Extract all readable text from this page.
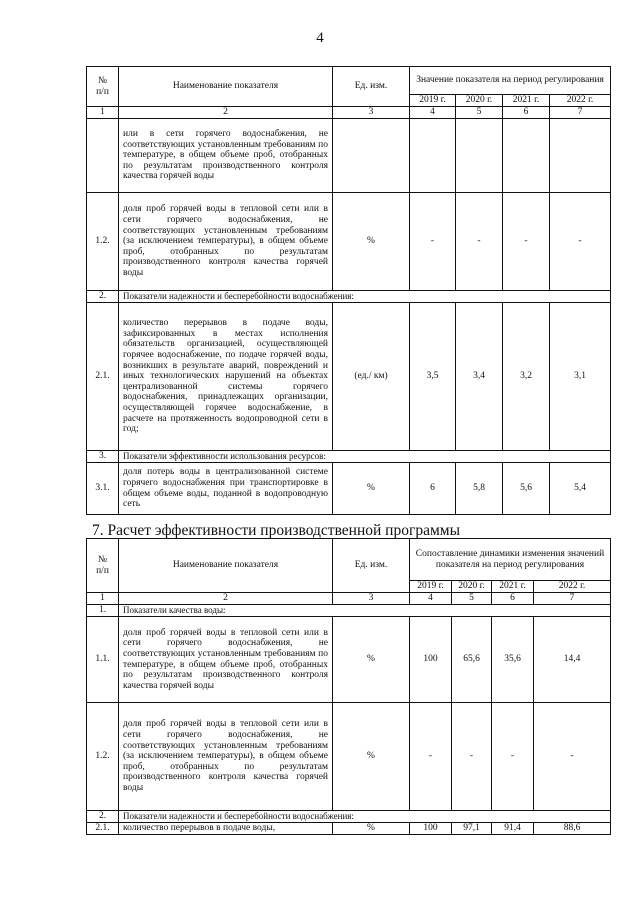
4
№
п/п	Наименование показателя	Ед. изм.	Значение показателя на период регулирования			
			2019 г.	2020 г.	2021 г.	2022 г.
1	2	3	4	5	6	7
	или в сети горячего водоснабжения, не соответствующих установленным требованиям по температуре, в общем объеме проб, отобранных по результатам производственного контроля качества горячей воды					
1.2.	доля проб горячей воды в тепловой сети или в сети горячего водоснабжения, не соответствующих установленным требованиям (за исключением температуры), в общем объеме проб, отобранных по результатам производственного контроля качества горячей воды	%	-	-	-	-
2.	Показатели надежности и бесперебойности водоснабжения:					
2.1.	количество перерывов в подаче воды, зафиксированных в местах исполнения обязательств организацией, осуществляющей горячее водоснабжение, по подаче горячей воды, возникших в результате аварий, повреждений и иных технологических нарушений на объектах централизованной системы горячего водоснабжения, принадлежащих организации, осуществляющей горячее водоснабжение, в расчете на протяженность водопроводной сети в год;	(ед./ км)	3,5	3,4	3,2	3,1
3.	Показатели эффективности использования ресурсов:					
3.1.	доля потерь воды в централизованной системе горячего водоснабжения при транспортировке в общем объеме воды, поданной в водопроводную сеть	%	6	5,8	5,6	5,4
7. Расчет эффективности производственной программы
№
п/п	Наименование показателя	Ед. изм.	Сопоставление динамики изменения значений показателя на период регулирования			
			2019 г.	2020 г.	2021 г.	2022 г.
1	2	3	4	5	6	7
1.	Показатели качества воды:					
1.1.	доля проб горячей воды в тепловой сети или в сети горячего водоснабжения, не соответствующих установленным требованиям по температуре, в общем объеме проб, отобранных по результатам производственного контроля качества горячей воды	%	100	65,6	35,6	14,4
1.2.	доля проб горячей воды в тепловой сети или в сети горячего водоснабжения, не соответствующих установленным требованиям (за исключением температуры), в общем объеме проб, отобранных по результатам производственного контроля качества горячей воды	%	-	-	-	-
2.	Показатели надежности и бесперебойности водоснабжения:					
2.1.	количество перерывов в подаче воды,	%	100	97,1	91,4	88,6
